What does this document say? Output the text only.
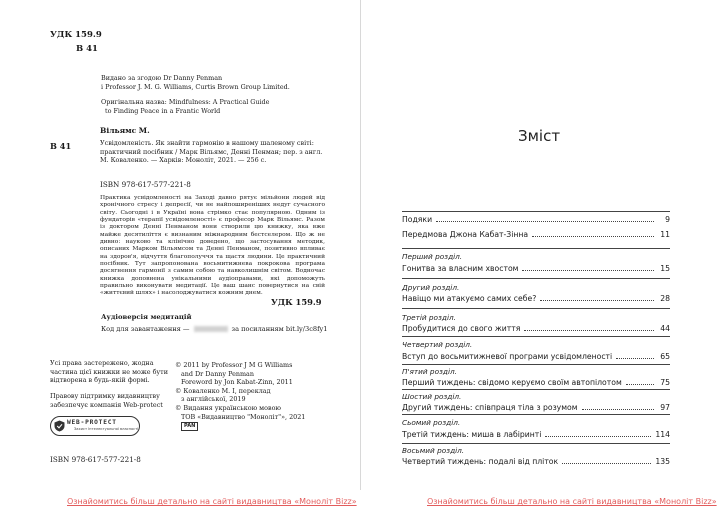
УДК 159.9
В 41
Видано за згодою Dr Danny Penman
і Professor J. M. G. Williams, Curtis Brown Group Limited.
Оригінальна назва: Mindfulness: A Practical Guide
to Finding Peace in a Frantic World
В 41
Вільямс М.
Усвідомленість. Як знайти гармонію в нашому шаленому світі: практичний посібник / Марк Вільямс, Денні Пенман; пер. з англ. М. Коваленко. — Харків: Моноліт, 2021. — 256 с.
ISBN 978-617-577-221-8
Практика усвідомленості на Заході давно рятує мільйони людей від хронічного стресу і депресії, чи не найпоширеніших недуг сучасного світу. Сьогодні і в Україні вона стрімко стає популярною. Одним із фундаторів «терапії усвідомленості» є професор Марк Вільямс. Разом із доктором Денні Пенманом вони створили цю книжку, яка вже майже десятиліття є визнаним міжнародним бестселером. Що ж не дивно: науково та клінічно доведено, що застосування методик, описаних Марком Вільямсом та Денні Пенманом, позитивно впливає на здоров'я, відчуття благополуччя та щастя людини. Це практичний посібник. Тут запропонована восьмитижнева покрокова програма досягнення гармонії з самим собою та навколишнім світом. Водночас книжка доповнена унікальними аудіоправами, які допоможуть правильно виконувати медитації. Це ваш шанс повернутися на свій «життєвий шлях» і насолоджуватися кожним днем.
УДК 159.9
Аудіоверсія медитацій
Код для завантаження —	за посиланням bit.ly/3c8fy1
Усі права застережено, жодна частина цієї книжки не може бути відтворена в будь-якій формі.
Правову підтримку видавництву забезпечує компанія Web-protect
WEB-PROTECT
Захист інтелектуальної власності
© 2011 by Professor J M G Williams
and Dr Danny Penman
Foreword by Jon Kabat-Zinn, 2011
© Коваленко М. І, переклад
з англійської, 2019
© Видання українською мовою
ТОВ «Видавництво "Моноліт"», 2021
PAN
ISBN 978-617-577-221-8
Ознайомитись більш детально на сайті видавництва «Моноліт Bizz»
Зміст
Подяки	9
Передмова Джона Кабат-Зінна	11
Перший розділ.
Гонитва за власним хвостом	15
Другий розділ.
Навіщо ми атакуємо самих себе?	28
Третій розділ.
Пробудитися до свого життя	44
Четвертий розділ.
Вступ до восьмитижневої програми усвідомленості	65
П'ятий розділ.
Перший тиждень: свідомо керуємо своїм автопілотом	75
Шостий розділ.
Другий тиждень: співпраця тіла з розумом	97
Сьомий розділ.
Третій тиждень: миша в лабіринті	114
Восьмий розділ.
Четвертий тиждень: подалі від пліток	135
Ознайомитись більш детально на сайті видавництва «Моноліт Bizz»
